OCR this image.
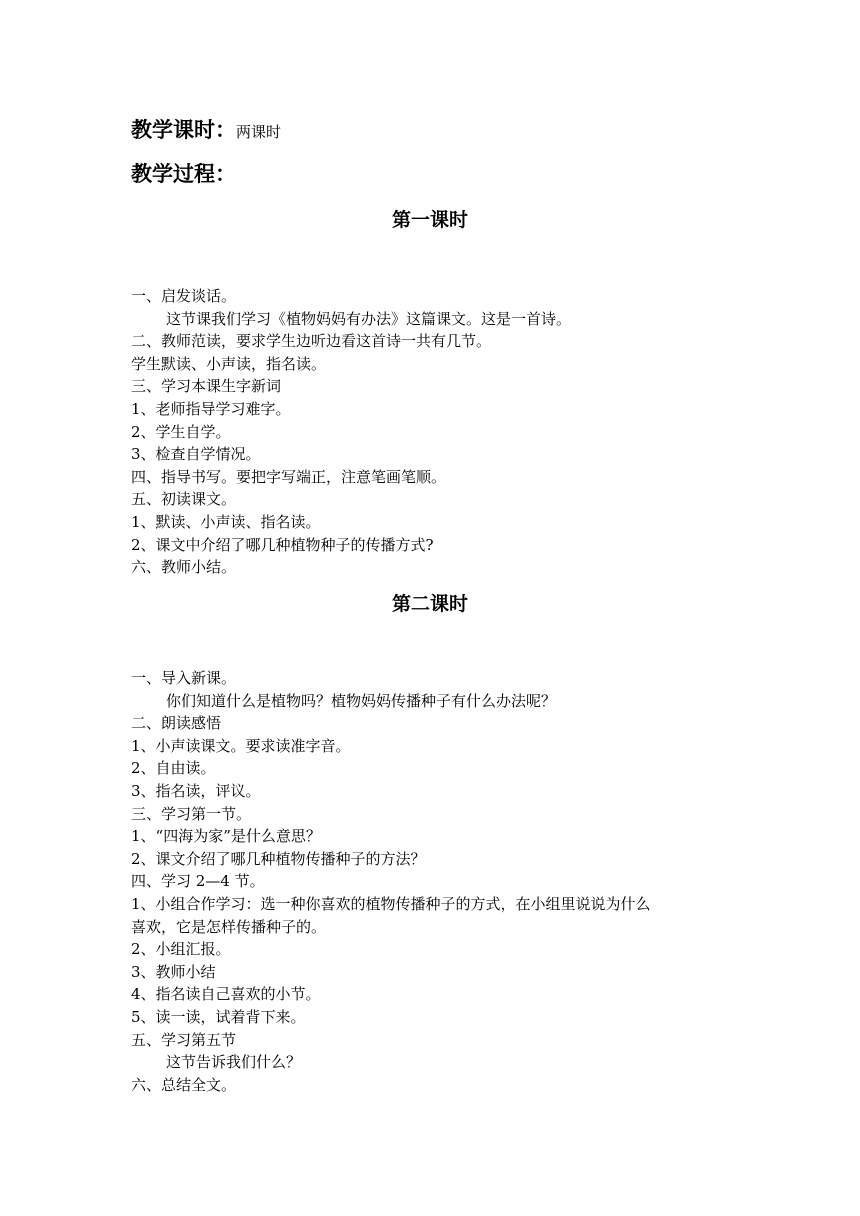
教学课时：两课时
教学过程：
第一课时
一、启发谈话。
这节课我们学习《植物妈妈有办法》这篇课文。这是一首诗。
二、教师范读，要求学生边听边看这首诗一共有几节。
学生默读、小声读，指名读。
三、学习本课生字新词
1、老师指导学习难字。
2、学生自学。
3、检查自学情况。
四、指导书写。要把字写端正，注意笔画笔顺。
五、初读课文。
1、默读、小声读、指名读。
2、课文中介绍了哪几种植物种子的传播方式?
六、教师小结。
第二课时
一、导入新课。
你们知道什么是植物吗？植物妈妈传播种子有什么办法呢？
二、朗读感悟
1、小声读课文。要求读准字音。
2、自由读。
3、指名读，评议。
三、学习第一节。
1、“四海为家”是什么意思？
2、课文介绍了哪几种植物传播种子的方法？
四、学习 2—4 节。
1、小组合作学习：选一种你喜欢的植物传播种子的方式，在小组里说说为什么
喜欢，它是怎样传播种子的。
2、小组汇报。
3、教师小结
4、指名读自己喜欢的小节。
5、读一读，试着背下来。
五、学习第五节
这节告诉我们什么？
六、总结全文。
